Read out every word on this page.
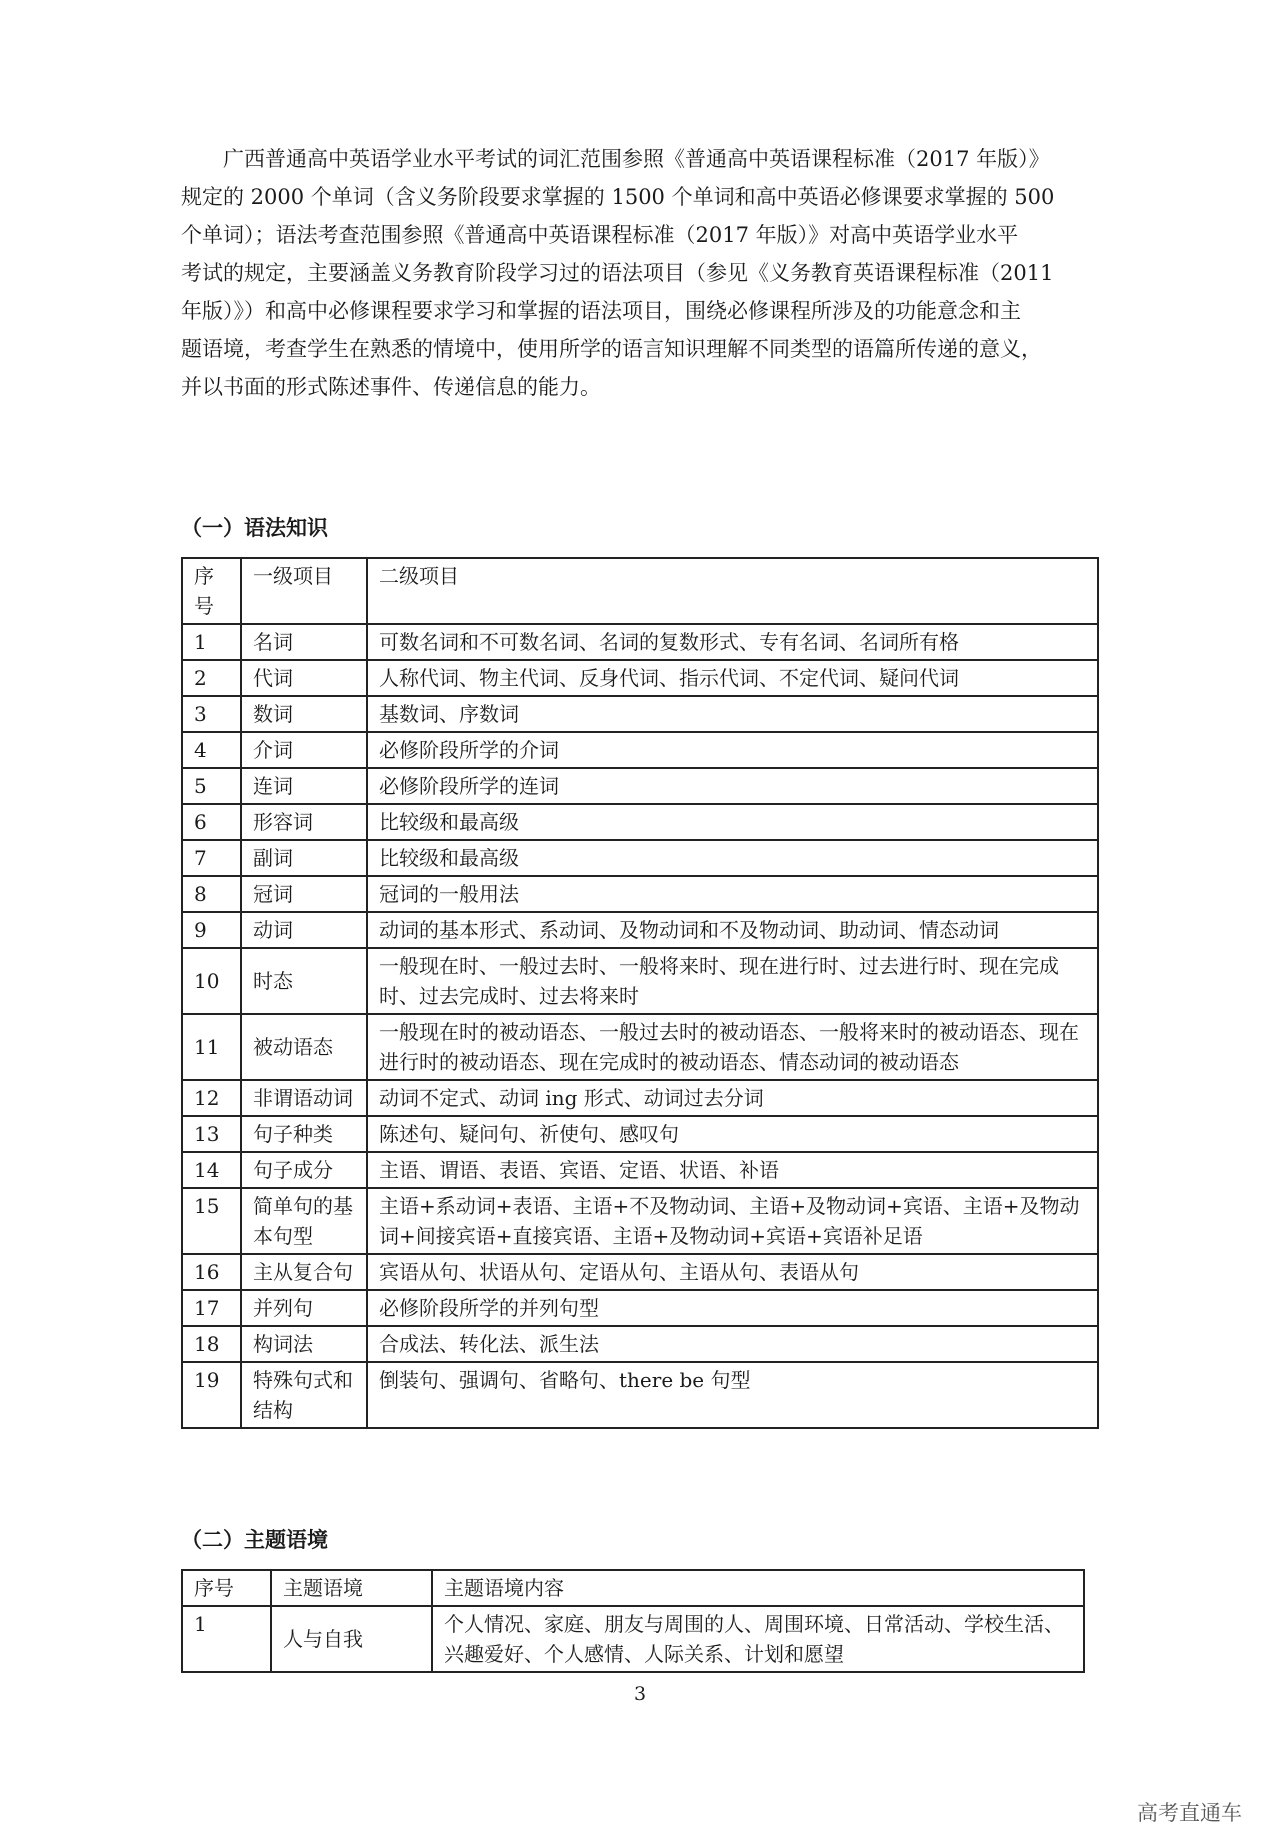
广西普通高中英语学业水平考试的词汇范围参照《普通高中英语课程标准（2017 年版）》
规定的 2000 个单词（含义务阶段要求掌握的 1500 个单词和高中英语必修课要求掌握的 500
个单词）；语法考查范围参照《普通高中英语课程标准（2017 年版）》对高中英语学业水平
考试的规定，主要涵盖义务教育阶段学习过的语法项目（参见《义务教育英语课程标准（2011
年版）》）和高中必修课程要求学习和掌握的语法项目，围绕必修课程所涉及的功能意念和主
题语境，考查学生在熟悉的情境中，使用所学的语言知识理解不同类型的语篇所传递的意义，
并以书面的形式陈述事件、传递信息的能力。
（一）语法知识
序号	一级项目	二级项目
1	名词	可数名词和不可数名词、名词的复数形式、专有名词、名词所有格
2	代词	人称代词、物主代词、反身代词、指示代词、不定代词、疑问代词
3	数词	基数词、序数词
4	介词	必修阶段所学的介词
5	连词	必修阶段所学的连词
6	形容词	比较级和最高级
7	副词	比较级和最高级
8	冠词	冠词的一般用法
9	动词	动词的基本形式、系动词、及物动词和不及物动词、助动词、情态动词
10	时态	一般现在时、一般过去时、一般将来时、现在进行时、过去进行时、现在完成时、过去完成时、过去将来时
11	被动语态	一般现在时的被动语态、一般过去时的被动语态、一般将来时的被动语态、现在进行时的被动语态、现在完成时的被动语态、情态动词的被动语态
12	非谓语动词	动词不定式、动词 ing 形式、动词过去分词
13	句子种类	陈述句、疑问句、祈使句、感叹句
14	句子成分	主语、谓语、表语、宾语、定语、状语、补语
15	简单句的基本句型	主语+系动词+表语、主语+不及物动词、主语+及物动词+宾语、主语+及物动词+间接宾语+直接宾语、主语+及物动词+宾语+宾语补足语
16	主从复合句	宾语从句、状语从句、定语从句、主语从句、表语从句
17	并列句	必修阶段所学的并列句型
18	构词法	合成法、转化法、派生法
19	特殊句式和结构	倒装句、强调句、省略句、there be 句型
（二）主题语境
序号	主题语境	主题语境内容
1	人与自我	个人情况、家庭、朋友与周围的人、周围环境、日常活动、学校生活、兴趣爱好、个人感情、人际关系、计划和愿望

3

高考直通车
